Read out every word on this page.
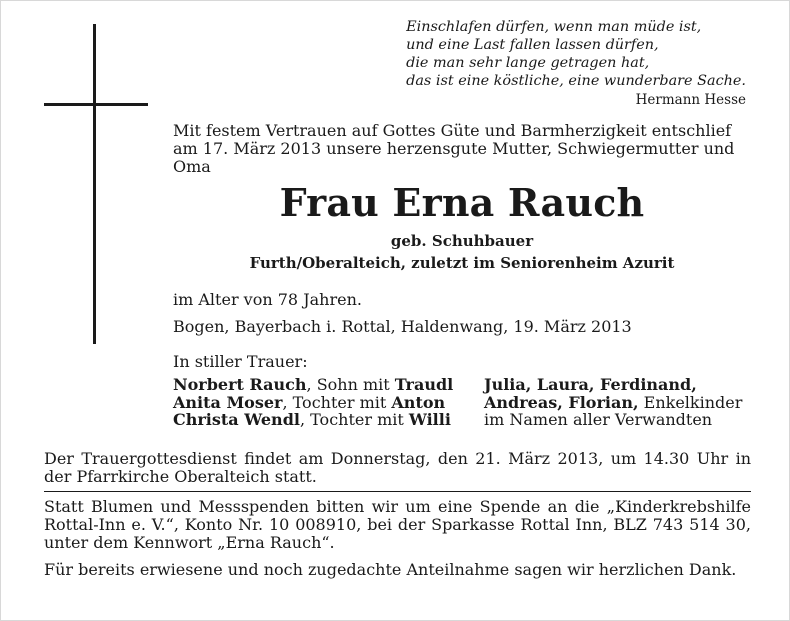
Einschlafen dürfen, wenn man müde ist,
und eine Last fallen lassen dürfen,
die man sehr lange getragen hat,
das ist eine köstliche, eine wunderbare Sache.
Hermann Hesse
Mit festem Vertrauen auf Gottes Güte und Barmherzigkeit entschlief am 17. März 2013 unsere herzensgute Mutter, Schwiegermutter und Oma
Frau Erna Rauch
geb. Schuhbauer
Furth/Oberalteich, zuletzt im Seniorenheim Azurit
im Alter von 78 Jahren.
Bogen, Bayerbach i. Rottal, Haldenwang, 19. März 2013
In stiller Trauer:
Norbert Rauch, Sohn mit Traudl
Anita Moser, Tochter mit Anton
Christa Wendl, Tochter mit Willi
Julia, Laura, Ferdinand,
Andreas, Florian, Enkelkinder
im Namen aller Verwandten
Der Trauergottesdienst findet am Donnerstag, den 21. März 2013, um 14.30 Uhr in der Pfarrkirche Oberalteich statt.
Statt Blumen und Messspenden bitten wir um eine Spende an die „Kinderkrebshilfe Rottal-Inn e. V.“, Konto Nr. 10 008910, bei der Sparkasse Rottal Inn, BLZ 743 514 30, unter dem Kennwort „Erna Rauch“.
Für bereits erwiesene und noch zugedachte Anteilnahme sagen wir herzlichen Dank.
